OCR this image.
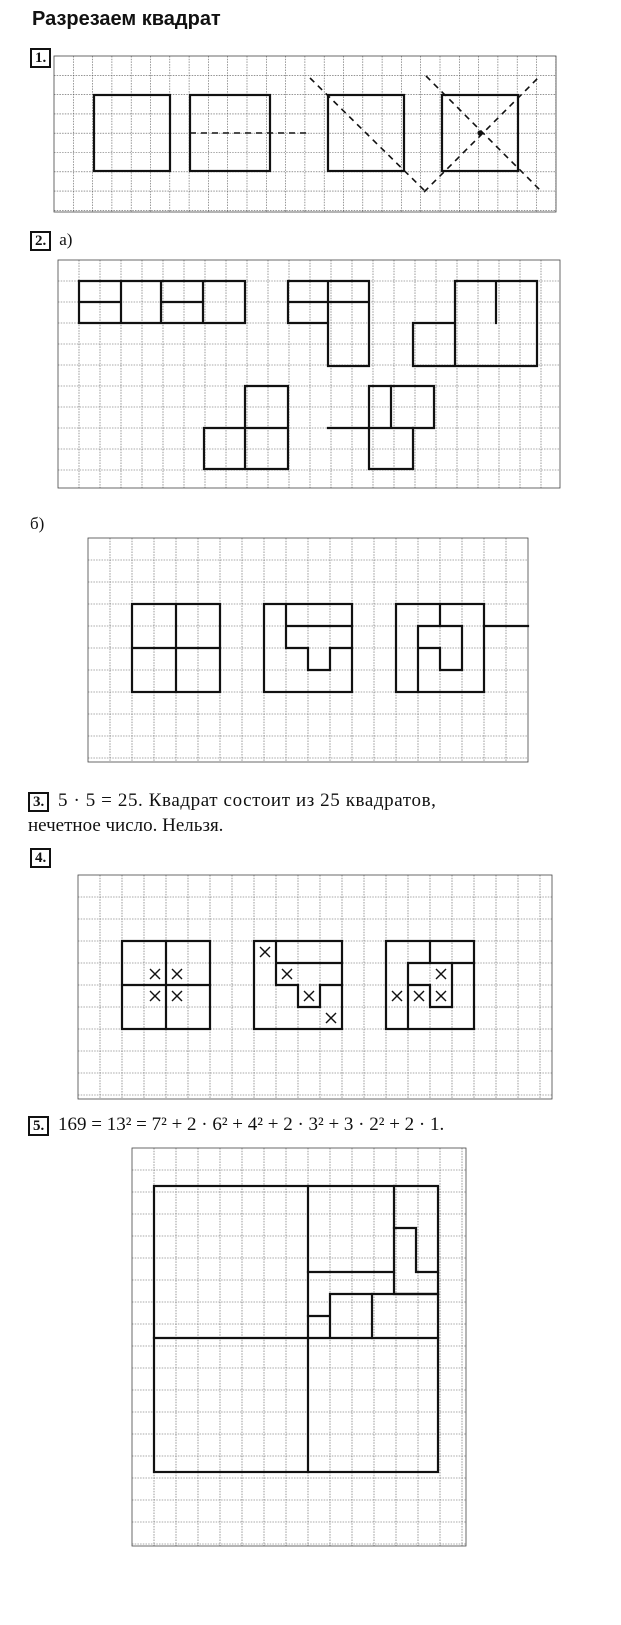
Разрезаем квадрат
1.
2. а)
б)
3. 5 · 5 = 25. Квадрат состоит из 25 квадратов,
нечетное число. Нельзя.
4.
5. 169 = 13² = 7² + 2 · 6² + 4² + 2 · 3² + 3 · 2² + 2 · 1.
